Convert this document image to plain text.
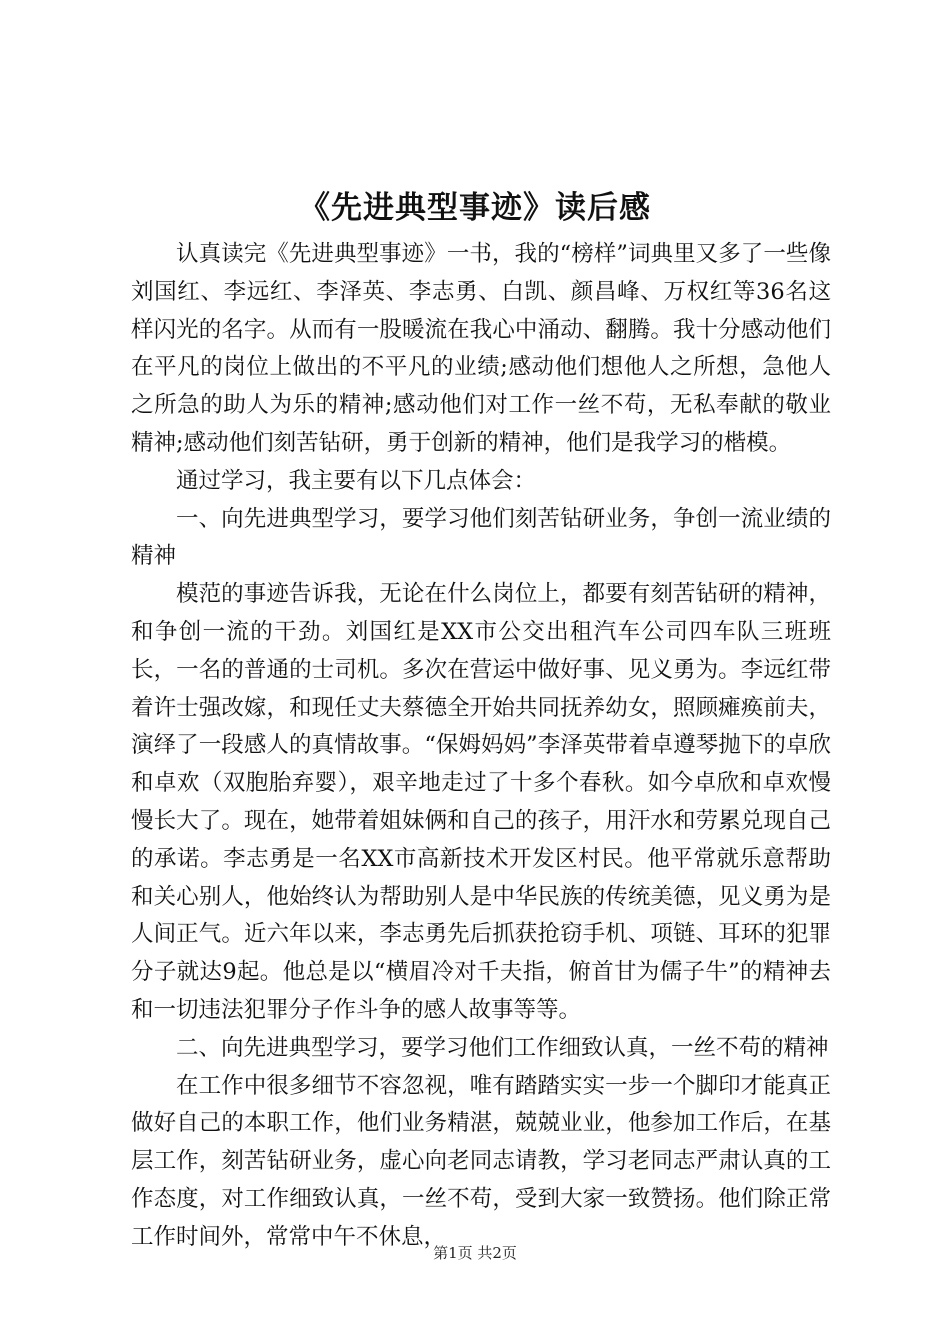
《先进典型事迹》读后感

认真读完《先进典型事迹》一书，我的“榜样”词典里又多了一些像刘国红、李远红、李泽英、李志勇、白凯、颜昌峰、万权红等36名这样闪光的名字。从而有一股暖流在我心中涌动、翻腾。我十分感动他们在平凡的岗位上做出的不平凡的业绩;感动他们想他人之所想，急他人之所急的助人为乐的精神;感动他们对工作一丝不苟，无私奉献的敬业精神;感动他们刻苦钻研，勇于创新的精神，他们是我学习的楷模。

通过学习，我主要有以下几点体会：

一、向先进典型学习，要学习他们刻苦钻研业务，争创一流业绩的精神

模范的事迹告诉我，无论在什么岗位上，都要有刻苦钻研的精神，和争创一流的干劲。刘国红是XX市公交出租汽车公司四车队三班班长，一名的普通的士司机。多次在营运中做好事、见义勇为。李远红带着许士强改嫁，和现任丈夫蔡德全开始共同抚养幼女，照顾瘫痪前夫，演绎了一段感人的真情故事。“保姆妈妈”李泽英带着卓遵琴抛下的卓欣和卓欢（双胞胎弃婴），艰辛地走过了十多个春秋。如今卓欣和卓欢慢慢长大了。现在，她带着姐妹俩和自己的孩子，用汗水和劳累兑现自己的承诺。李志勇是一名XX市高新技术开发区村民。他平常就乐意帮助和关心别人，他始终认为帮助别人是中华民族的传统美德，见义勇为是人间正气。近六年以来，李志勇先后抓获抢窃手机、项链、耳环的犯罪分子就达9起。他总是以“横眉冷对千夫指，俯首甘为儒子牛”的精神去和一切违法犯罪分子作斗争的感人故事等等。

二、向先进典型学习，要学习他们工作细致认真，一丝不苟的精神

在工作中很多细节不容忽视，唯有踏踏实实一步一个脚印才能真正做好自己的本职工作，他们业务精湛，兢兢业业，他参加工作后，在基层工作，刻苦钻研业务，虚心向老同志请教，学习老同志严肃认真的工作态度，对工作细致认真，一丝不苟，受到大家一致赞扬。他们除正常工作时间外，常常中午不休息，

第1页 共2页
